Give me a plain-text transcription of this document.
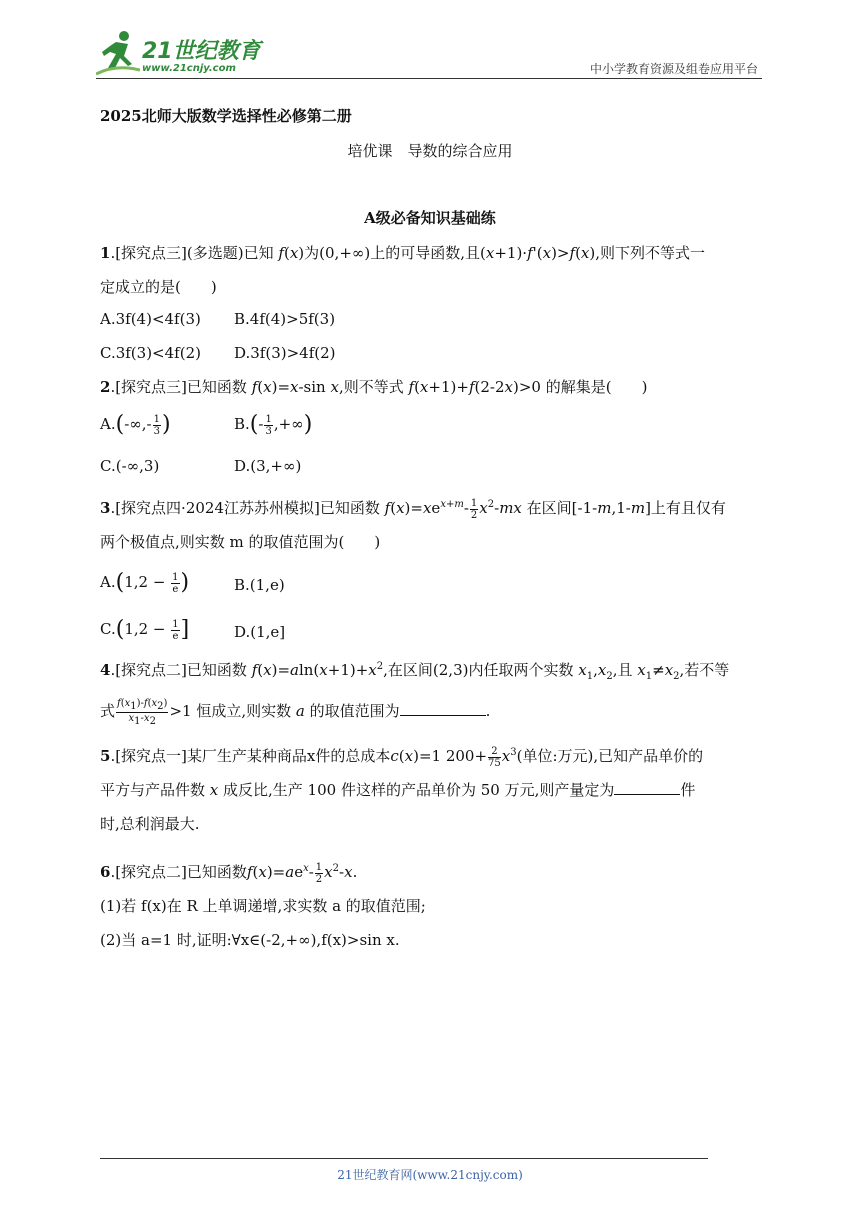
21世纪教育
www.21cnjy.com	中小学教育资源及组卷应用平台
2025北师大版数学选择性必修第二册
培优课　导数的综合应用
A级必备知识基础练
1.[探究点三](多选题)已知 f(x)为(0,+∞)上的可导函数,且(x+1)·f'(x)>f(x),则下列不等式一
定成立的是(　　)
A.3f(4)<4f(3) B.4f(4)>5f(3)
C.3f(3)<4f(2) D.3f(3)>4f(2)
2.[探究点三]已知函数 f(x)=x-sin x,则不等式 f(x+1)+f(2-2x)>0 的解集是(　　)
$A.(-\infty,- \frac{1}{3}$ )	$B.(- \frac{1}{3}$ ,+∞)
C.(-∞,3)	D.(3,+∞)
3.[探究点四·2024江苏苏州模拟]已知函数 $f(x)=xe^{x+m}- \frac{1}{2} x^2-mx$ 在区间[-1-m,1-m]上有且仅有
两个极值点,则实数 m 的取值范围为(　　)
$A.(1,2 - \frac{1}{e}$ )	B.(1,e)
$C.(1,2 - \frac{1}{e}$ ]	D.(1,e]
4.[探究点二]已知函数 $f(x)=aln(x+1)+x^2$,在区间(2,3)内任取两个实数 $x_1,x_2$,且 $x_1\ne x_2$,若不等
式 $\frac{f(x_1)-f(x_2)}{x_1-x_2} >1$ 恒成立,则实数 a 的取值范围为	.
5.[探究点一]某厂生产某种商品x件的总成本c(x)=1 $200+ \frac{2}{75} x^3$(单位:万元),已知产品单价的
平方与产品件数 x 成反比,生产 100 件这样的产品单价为 50 万元,则产量定为	件
时,总利润最大.
6.[探究点二]已知函数$f(x)=ae^x- \frac{1}{2} x^2-x$.
(1)若 f(x)在 R 上单调递增,求实数 a 的取值范围;
(2)当 a=1 时,证明:∀x∈(-2,+∞),f(x)>sin x.
21世纪教育网(www.21cnjy.com)
